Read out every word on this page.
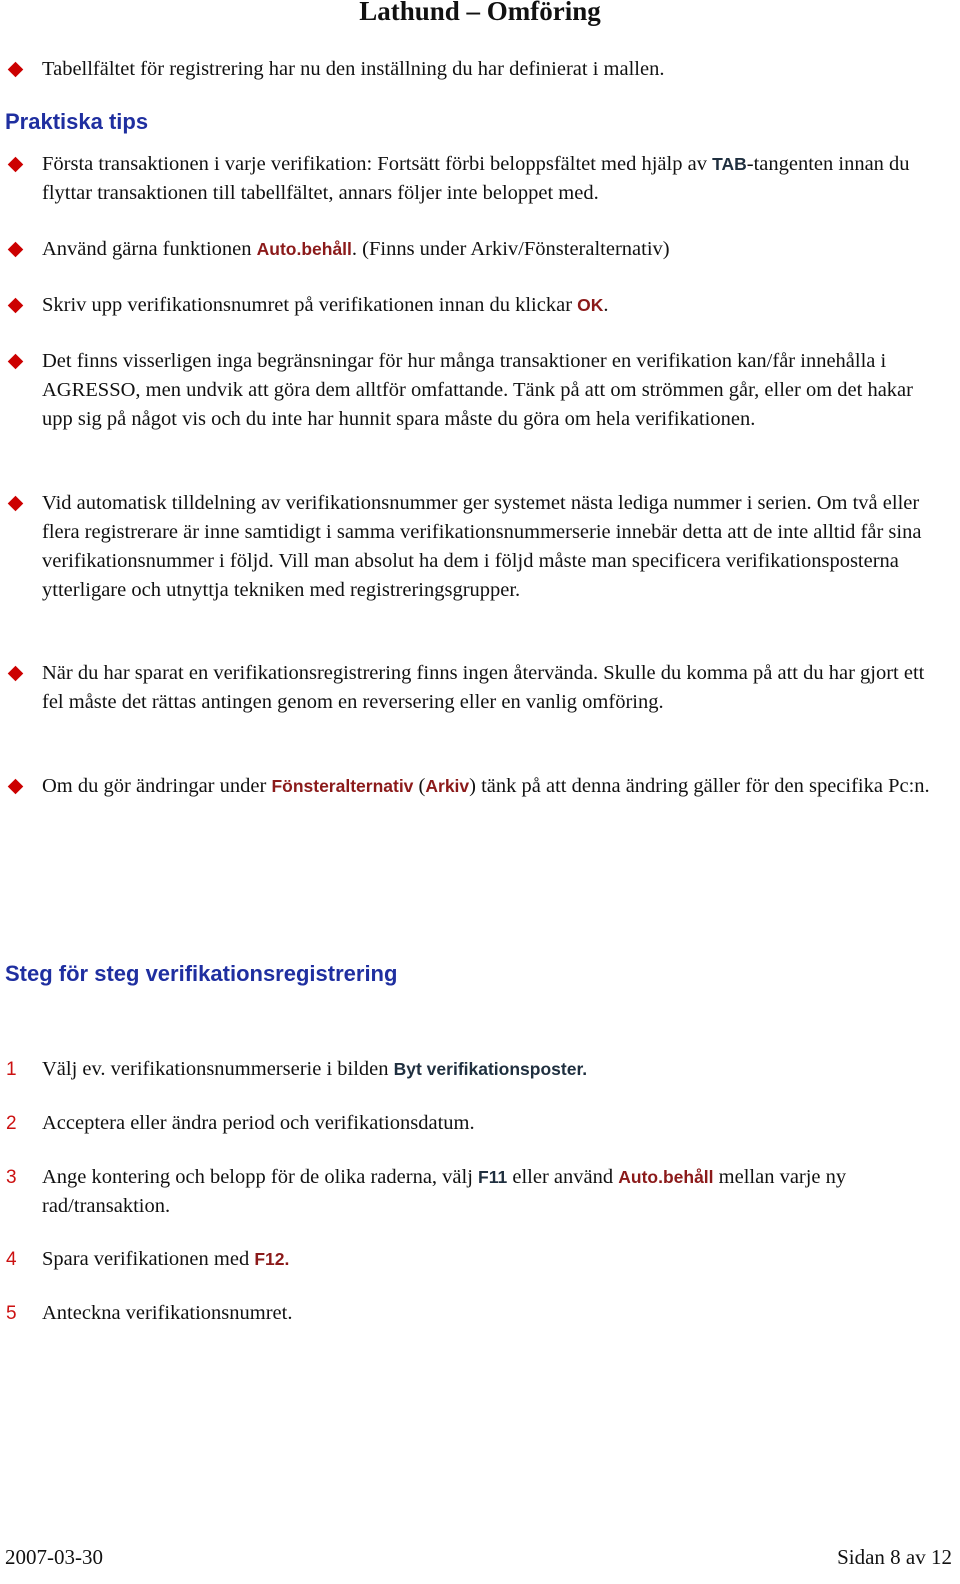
Lathund – Omföring
Tabellfältet för registrering har nu den inställning du har definierat i mallen.
Praktiska tips
Första transaktionen i varje verifikation: Fortsätt förbi beloppsfältet med hjälp av TAB-tangenten innan du flyttar transaktionen till tabellfältet, annars följer inte beloppet med.
Använd gärna funktionen Auto.behåll. (Finns under Arkiv/Fönsteralternativ)
Skriv upp verifikationsnumret på verifikationen innan du klickar OK.
Det finns visserligen inga begränsningar för hur många transaktioner en verifikation kan/får innehålla i AGRESSO, men undvik att göra dem alltför omfattande. Tänk på att om strömmen går, eller om det hakar upp sig på något vis och du inte har hunnit spara måste du göra om hela verifikationen.
Vid automatisk tilldelning av verifikationsnummer ger systemet nästa lediga nummer i serien. Om två eller flera registrerare är inne samtidigt i samma verifikationsnummerserie innebär detta att de inte alltid får sina verifikationsnummer i följd. Vill man absolut ha dem i följd måste man specificera verifikationsposterna ytterligare och utnyttja tekniken med registreringsgrupper.
När du har sparat en verifikationsregistrering finns ingen återvända. Skulle du komma på att du har gjort ett fel måste det rättas antingen genom en reversering eller en vanlig omföring.
Om du gör ändringar under Fönsteralternativ (Arkiv) tänk på att denna ändring gäller för den specifika Pc:n.
Steg för steg verifikationsregistrering
1 Välj ev. verifikationsnummerserie i bilden Byt verifikationsposter.
2 Acceptera eller ändra period och verifikationsdatum.
3 Ange kontering och belopp för de olika raderna, välj F11 eller använd Auto.behåll mellan varje ny rad/transaktion.
4 Spara verifikationen med F12.
5 Anteckna verifikationsnumret.
2007-03-30	Sidan 8 av 12
